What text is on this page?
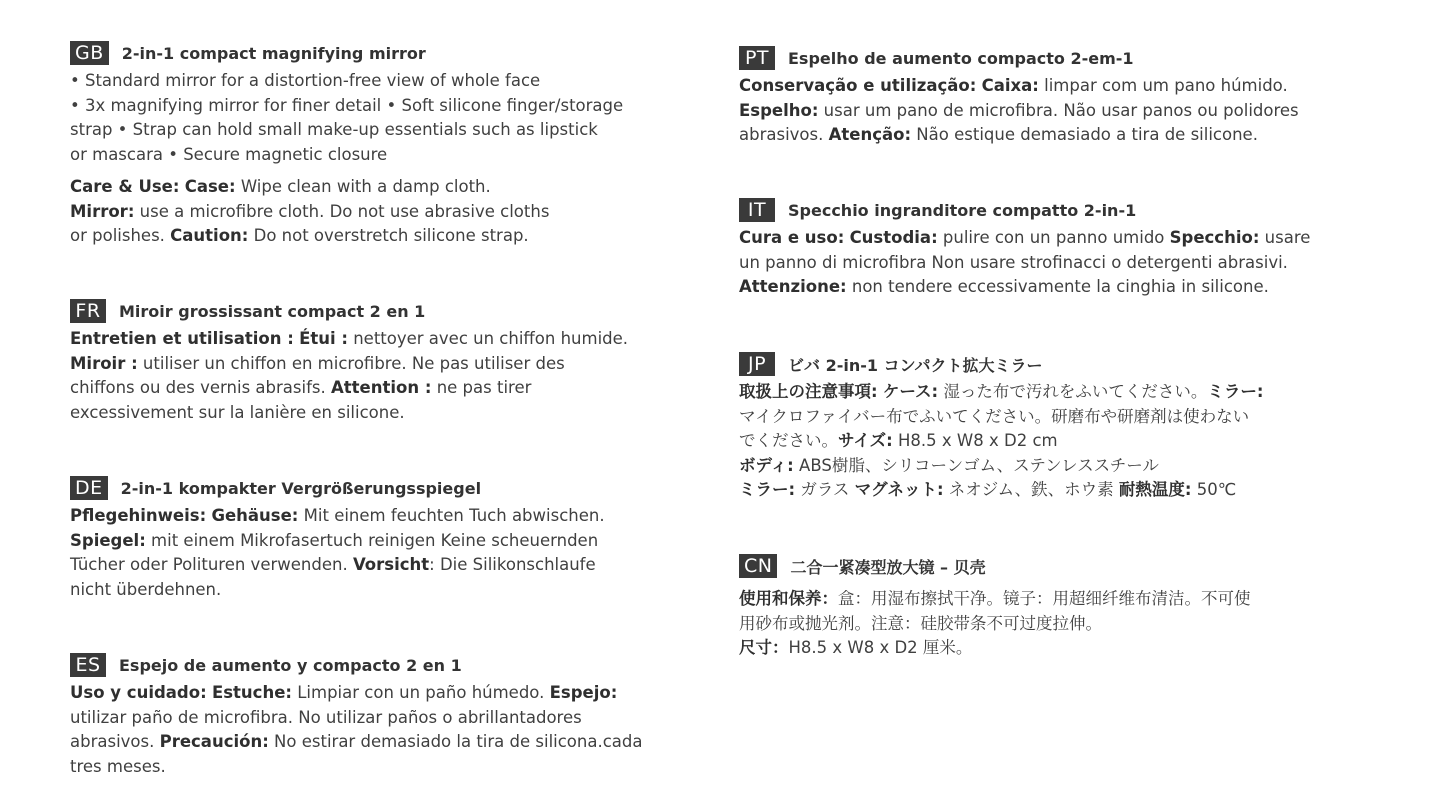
GB	2-in-1 compact magnifying mirror

• Standard mirror for a distortion-free view of whole face
• 3x magnifying mirror for finer detail • Soft silicone finger/storage
strap • Strap can hold small make-up essentials such as lipstick
or mascara • Secure magnetic closure

Care & Use: Case: Wipe clean with a damp cloth.
Mirror: use a microfibre cloth. Do not use abrasive cloths
or polishes. Caution: Do not overstretch silicone strap.

FR	Miroir grossissant compact 2 en 1

Entretien et utilisation : Étui : nettoyer avec un chiffon humide.
Miroir : utiliser un chiffon en microfibre. Ne pas utiliser des
chiffons ou des vernis abrasifs. Attention : ne pas tirer
excessivement sur la lanière en silicone.

DE	2-in-1 kompakter Vergrößerungsspiegel

Pflegehinweis: Gehäuse: Mit einem feuchten Tuch abwischen.
Spiegel: mit einem Mikrofasertuch reinigen Keine scheuernden
Tücher oder Polituren verwenden. Vorsicht: Die Silikonschlaufe
nicht überdehnen.

ES	Espejo de aumento y compacto 2 en 1

Uso y cuidado: Estuche: Limpiar con un paño húmedo. Espejo:
utilizar paño de microfibra. No utilizar paños o abrillantadores
abrasivos. Precaución: No estirar demasiado la tira de silicona.cada
tres meses.

PT	Espelho de aumento compacto 2-em-1

Conservação e utilização: Caixa: limpar com um pano húmido.
Espelho: usar um pano de microfibra. Não usar panos ou polidores
abrasivos. Atenção: Não estique demasiado a tira de silicone.

IT	Specchio ingranditore compatto 2-in-1

Cura e uso: Custodia: pulire con un panno umido Specchio: usare
un panno di microfibra Non usare strofinacci o detergenti abrasivi.
Attenzione: non tendere eccessivamente la cinghia in silicone.

JP	ビバ 2-in-1 コンパクト拡大ミラー

取扱上の注意事項: ケース: 湿った布で汚れをふいてください。ミラー:
マイクロファイバー布でふいてください。研磨布や研磨剤は使わない
でください。サイズ: H8.5 x W8 x D2 cm
ボディ: ABS樹脂、シリコーンゴム、ステンレススチール
ミラー: ガラス マグネット: ネオジム、鉄、ホウ素 耐熱温度: 50℃

CN	二合一紧凑型放大镜 – 贝壳

使用和保养：盒：用湿布擦拭干净。镜子：用超细纤维布清洁。不可使
用砂布或抛光剂。注意：硅胶带条不可过度拉伸。
尺寸：H8.5 x W8 x D2 厘米。
